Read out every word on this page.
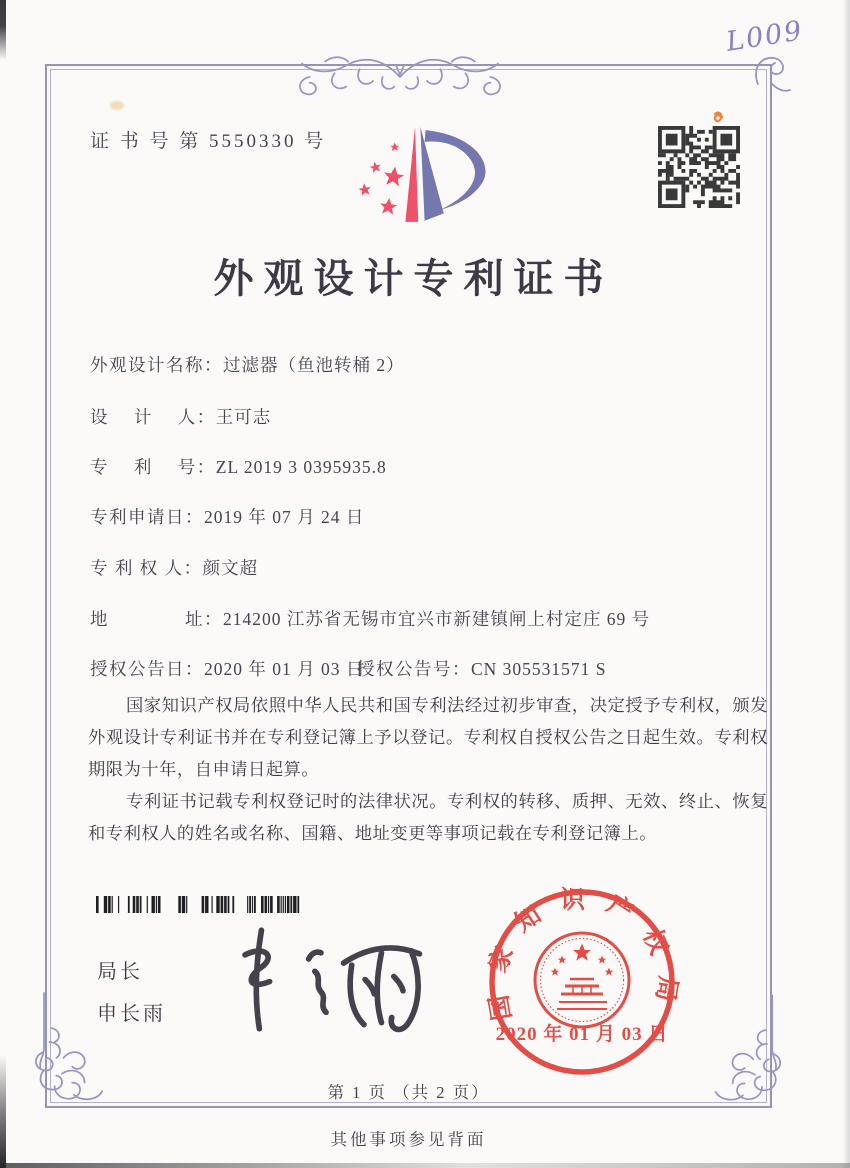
L009
证 书 号 第 5550330 号
外观设计专利证书
外观设计名称：过滤器（鱼池转桶 2）
设　 计　 人：王可志
专　 利　 号：ZL 2019 3 0395935.8
专利申请日：2019 年 07 月 24 日
专 利 权 人：颜文超
地　　　　址：214200 江苏省无锡市宜兴市新建镇闸上村定庄 69 号
授权公告日：2020 年 01 月 03 日
授权公告号：CN 305531571 S

国家知识产权局依照中华人民共和国专利法经过初步审查，决定授予专利权，颁发外观设计专利证书并在专利登记簿上予以登记。专利权自授权公告之日起生效。专利权期限为十年，自申请日起算。

专利证书记载专利权登记时的法律状况。专利权的转移、质押、无效、终止、恢复和专利权人的姓名或名称、国籍、地址变更等事项记载在专利登记簿上。

局长
申长雨	国家知识产权局
2020 年 01 月 03 日
第 1 页 （共 2 页）
其他事项参见背面
